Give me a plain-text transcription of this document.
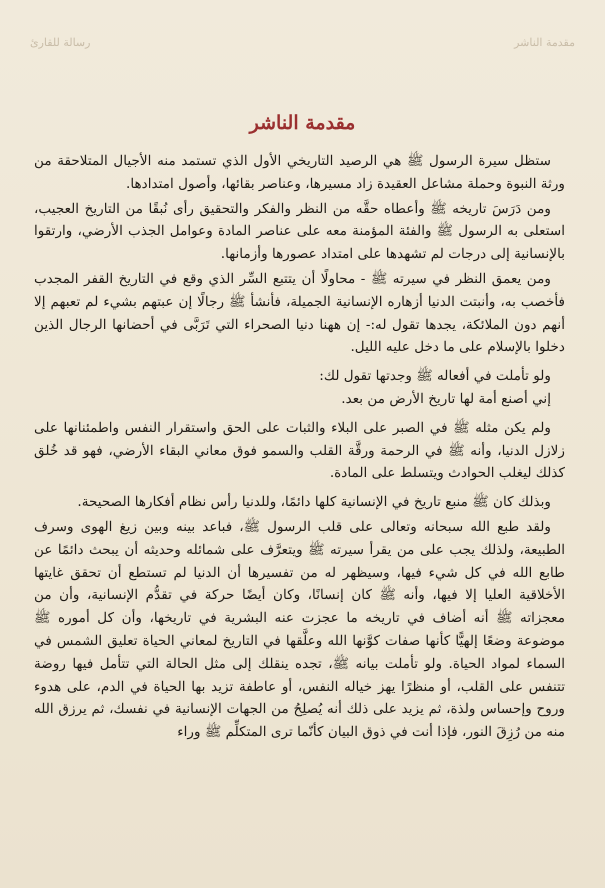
مقدمة الناشر
رسالة للقارئ
مقدمة الناشر

ستظل سيرة الرسول ﷺ هي الرصيد التاريخي الأول الذي تستمد منه الأجيال المتلاحقة من ورثة النبوة وحملة مشاعل العقيدة زاد مسيرها، وعناصر بقائها، وأصول امتدادها.

ومن دَرَسَ تاريخه ﷺ وأعطاه حقَّه من النظر والفكر والتحقيق رأى نُبقًا من التاريخ العجيب، استعلى به الرسول ﷺ والفئة المؤمنة معه على عناصر المادة وعوامل الجذب الأرضي، وارتقوا بالإنسانية إلى درجات لم تشهدها على امتداد عصورها وأزمانها.

ومن يعمق النظر في سيرته ﷺ - محاولًا أن يتتبع السِّر الذي وقع في التاريخ القفر المجدب فأخصب به، وأنبتت الدنيا أزهاره الإنسانية الجميلة، فأنشأ ﷺ رجالًا إن عبتهم بشيء لم تعبهم إلا أنهم دون الملائكة، يجدها تقول له:- إن ههنا دنيا الصحراء التي تَرَبَّى في أحضانها الرجال الذين دخلوا بالإسلام على ما دخل عليه الليل.

ولو تأملت في أفعاله ﷺ وجدتها تقول لك:

إني أصنع أمة لها تاريخ الأرض من بعد.

ولم يكن مثله ﷺ في الصبر على البلاء والثبات على الحق واستقرار النفس واطمئنانها على زلازل الدنيا، وأنه ﷺ في الرحمة ورقَّة القلب والسمو فوق معاني البقاء الأرضي، فهو قد خُلق كذلك ليغلب الحوادث ويتسلط على المادة.

وبذلك كان ﷺ منبع تاريخ في الإنسانية كلها دائمًا، وللدنيا رأس نظام أفكارها الصحيحة.

ولقد طبع الله سبحانه وتعالى على قلب الرسول ﷺ، فباعد بينه وبين زيغ الهوى وسرف الطبيعة، ولذلك يجب على من يقرأ سيرته ﷺ ويتعرَّف على شمائله وحديثه أن يبحث دائمًا عن طابع الله في كل شيء فيها، وسيظهر له من تفسيرها أن الدنيا لم تستطع أن تحقق غايتها الأخلاقية العليا إلا فيها، وأنه ﷺ كان إنسانًا، وكان أيضًا حركة في تقدُّم الإنسانية، وأن من معجزاته ﷺ أنه أضاف في تاريخه ما عجزت عنه البشرية في تاريخها، وأن كل أموره ﷺ موضوعة وضعًا إلهيًّا كأنها صفات كوَّنها الله وعلَّقها في التاريخ لمعاني الحياة تعليق الشمس في السماء لمواد الحياة. ولو تأملت بيانه ﷺ، تجده ينقلك إلى مثل الحالة التي تتأمل فيها روضة تتنفس على القلب، أو منظرًا يهز خياله النفس، أو عاطفة تزيد بها الحياة في الدم، على هدوء وروح وإحساس ولذة، ثم يزيد على ذلك أنه يُصلِحُ من الجهات الإنسانية في نفسك، ثم يرزق الله منه من رُزِقَ النور، فإذا أنت في ذوق البيان كأنّما ترى المتكلِّم ﷺ وراء
